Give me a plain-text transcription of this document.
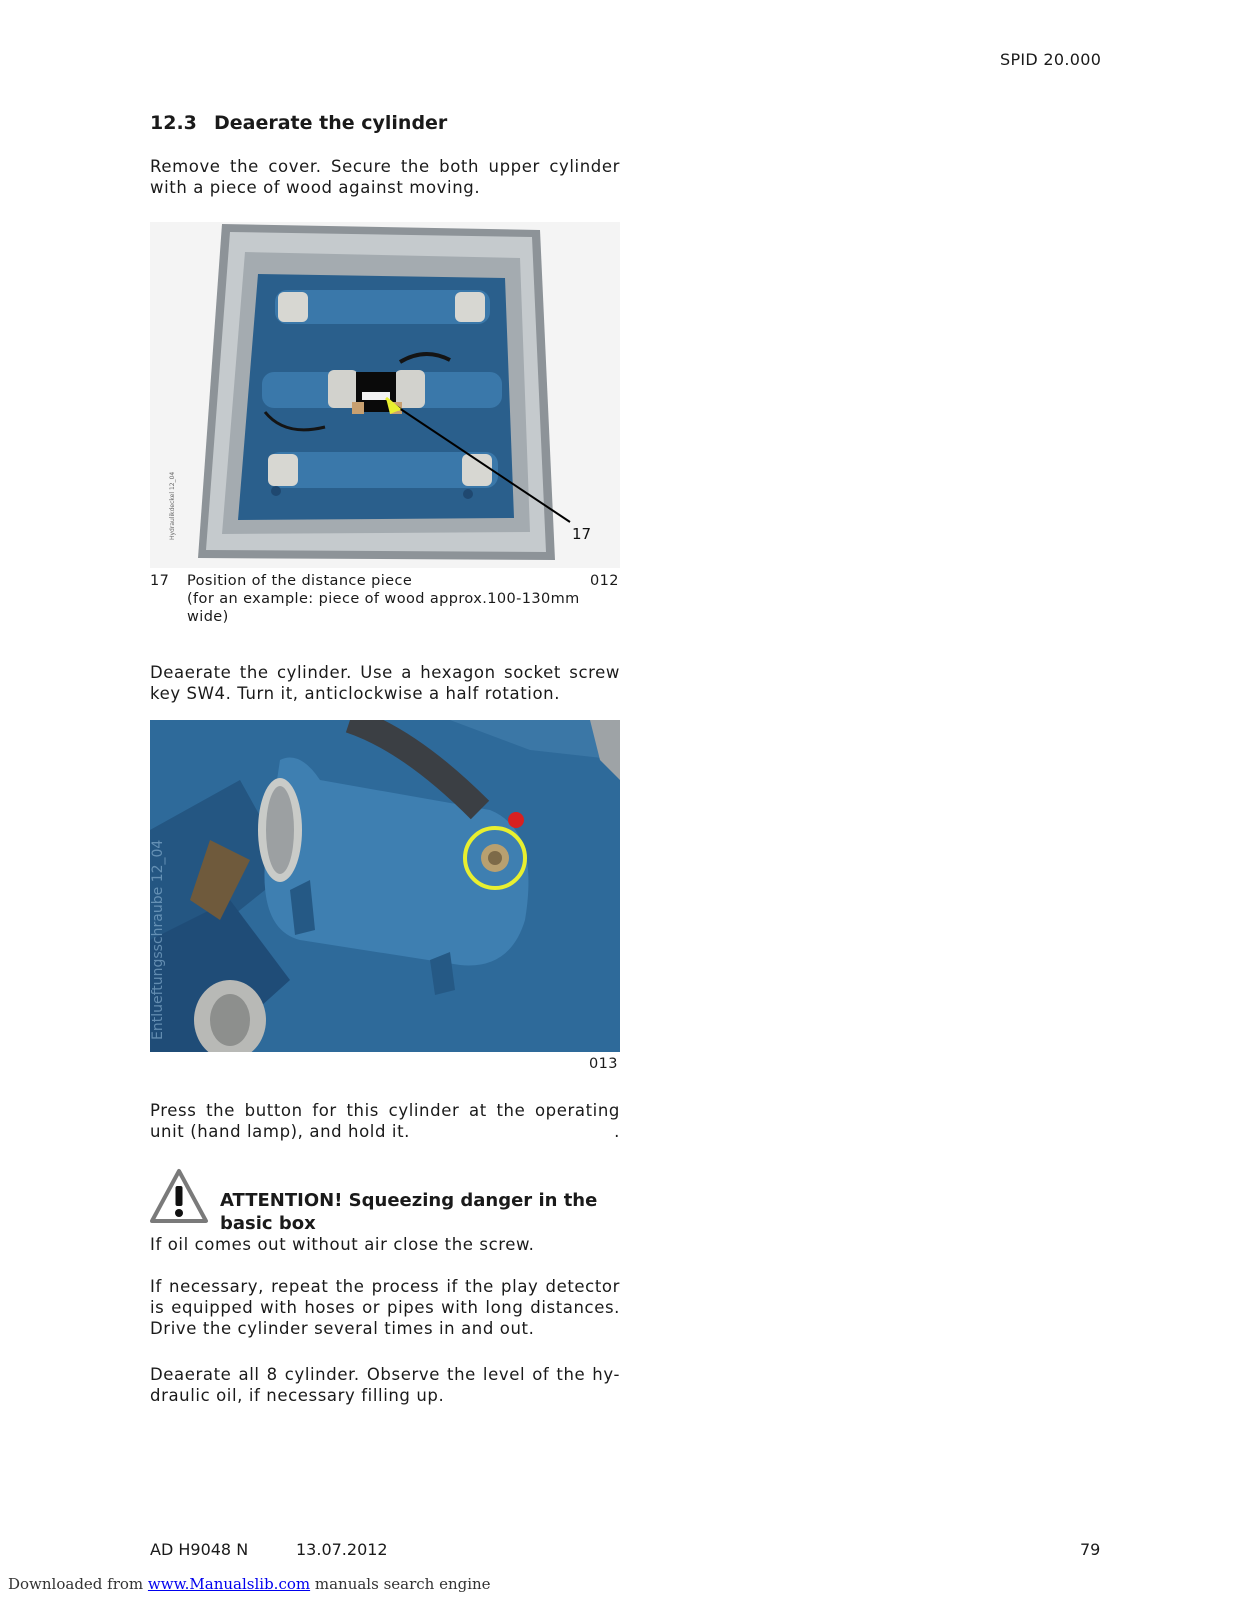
SPID 20.000
12.3 Deaerate the cylinder
Remove the cover. Secure the both upper cylinder with a piece of wood against moving.
Hydraulikdeckel 12_04	17
17 Position of the distance piece
(for an example: piece of wood approx.100-130mm wide)
012
Deaerate the cylinder. Use a hexagon socket screw key SW4. Turn it, anticlockwise a half rotation.
Entlueftungsschraube 12_04
013
Press the button for this cylinder at the operating unit (hand lamp), and hold it.	.
ATTENTION! Squeezing danger in the basic box
If oil comes out without air close the screw.
If necessary, repeat the process if the play detector is equipped with hoses or pipes with long distances. Drive the cylinder several times in and out.
Deaerate all 8 cylinder. Observe the level of the hy-draulic oil, if necessary filling up.
AD H9048 N	13.07.2012	79
Downloaded from www.Manualslib.com manuals search engine
